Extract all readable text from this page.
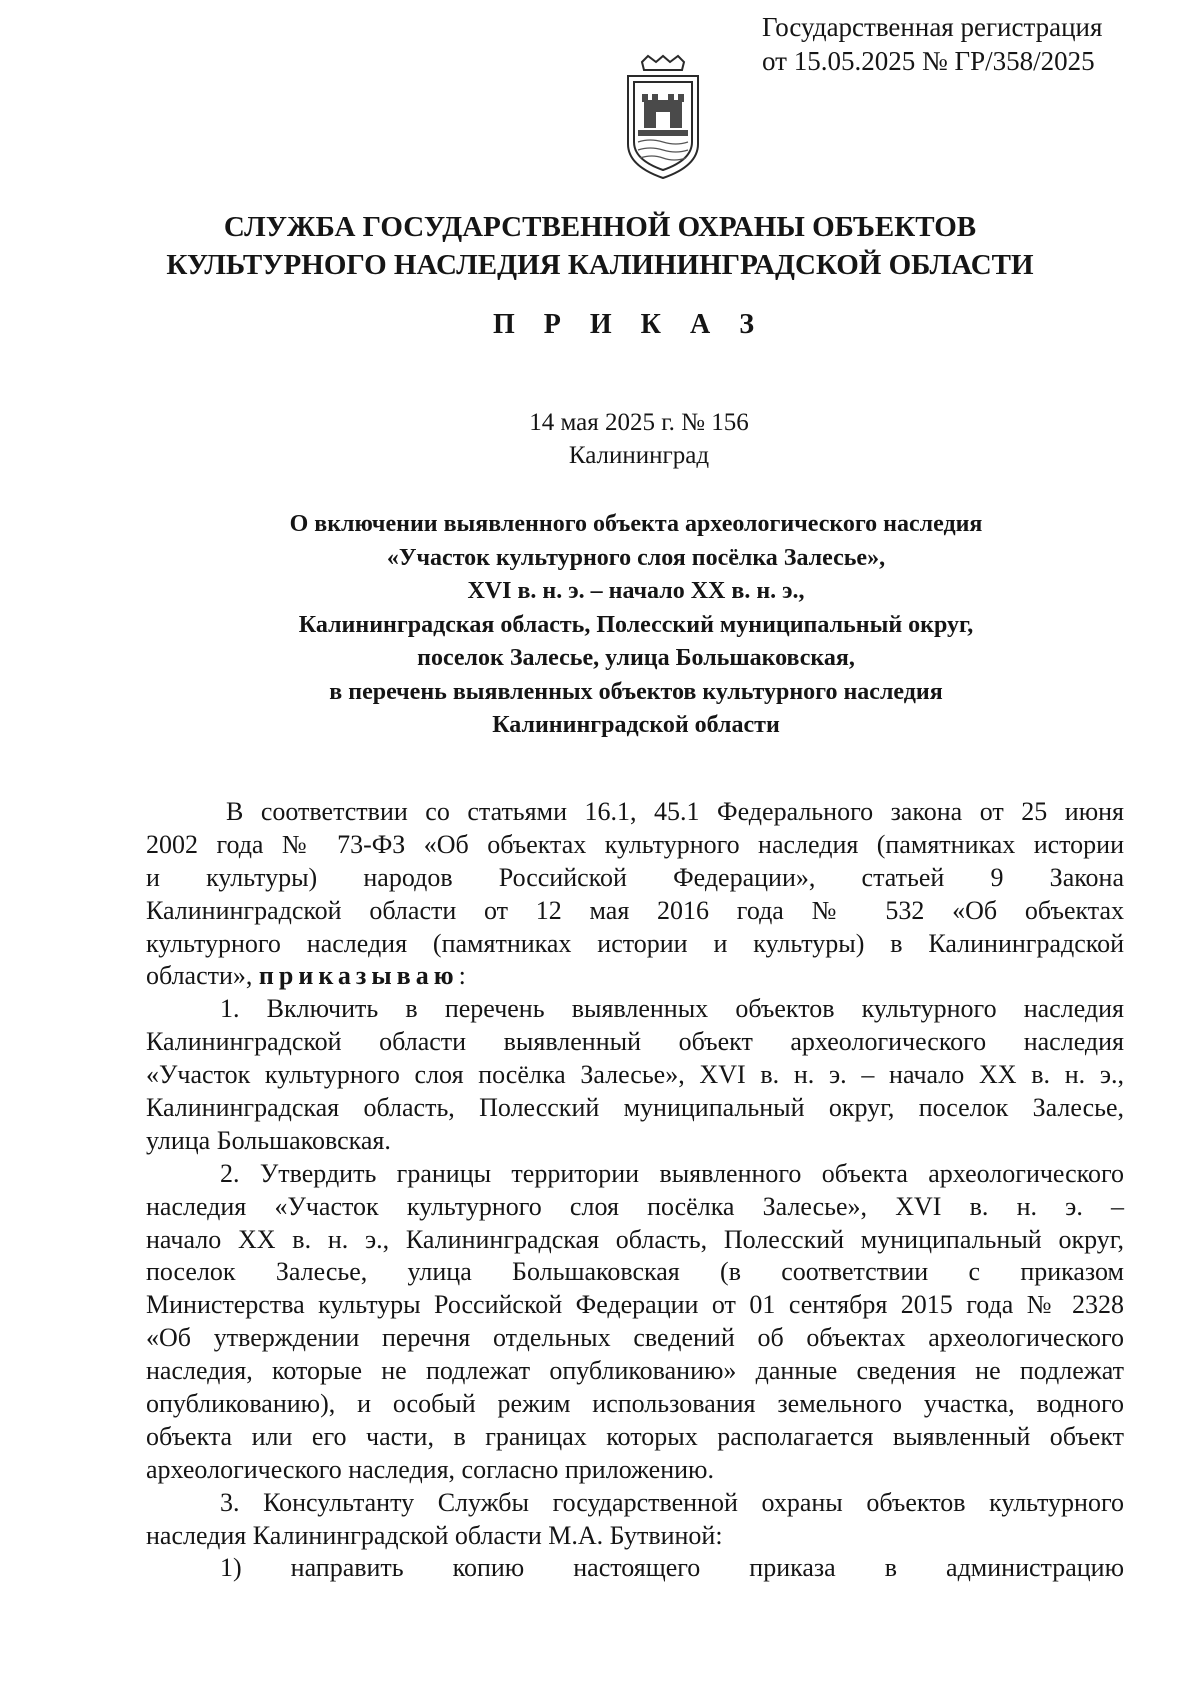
Государственная регистрация
от 15.05.2025 № ГР/358/2025
СЛУЖБА ГОСУДАРСТВЕННОЙ ОХРАНЫ ОБЪЕКТОВ
КУЛЬТУРНОГО НАСЛЕДИЯ КАЛИНИНГРАДСКОЙ ОБЛАСТИ
П Р И К А З
14 мая 2025 г. № 156
Калининград
О включении выявленного объекта археологического наследия
«Участок культурного слоя посёлка Залесье»,
XVI в. н. э. – начало XX в. н. э.,
Калининградская область, Полесский муниципальный округ,
поселок Залесье, улица Большаковская,
в перечень выявленных объектов культурного наследия
Калининградской области
В соответствии со статьями 16.1, 45.1 Федерального закона от 25 июня
2002 года № 73-ФЗ «Об объектах культурного наследия (памятниках истории
и культуры) народов Российской Федерации», статьей 9 Закона
Калининградской области от 12 мая 2016 года № 532 «Об объектах
культурного наследия (памятниках истории и культуры) в Калининградской
области», приказываю:
1. Включить в перечень выявленных объектов культурного наследия
Калининградской области выявленный объект археологического наследия
«Участок культурного слоя посёлка Залесье», XVI в. н. э. – начало XX в. н. э.,
Калининградская область, Полесский муниципальный округ, поселок Залесье,
улица Большаковская.
2. Утвердить границы территории выявленного объекта археологического
наследия «Участок культурного слоя посёлка Залесье», XVI в. н. э. –
начало XX в. н. э., Калининградская область, Полесский муниципальный округ,
поселок Залесье, улица Большаковская (в соответствии с приказом
Министерства культуры Российской Федерации от 01 сентября 2015 года № 2328
«Об утверждении перечня отдельных сведений об объектах археологического
наследия, которые не подлежат опубликованию» данные сведения не подлежат
опубликованию), и особый режим использования земельного участка, водного
объекта или его части, в границах которых располагается выявленный объект
археологического наследия, согласно приложению.
3. Консультанту Службы государственной охраны объектов культурного
наследия Калининградской области М.А. Бутвиной:
1) направить копию настоящего приказа в администрацию
